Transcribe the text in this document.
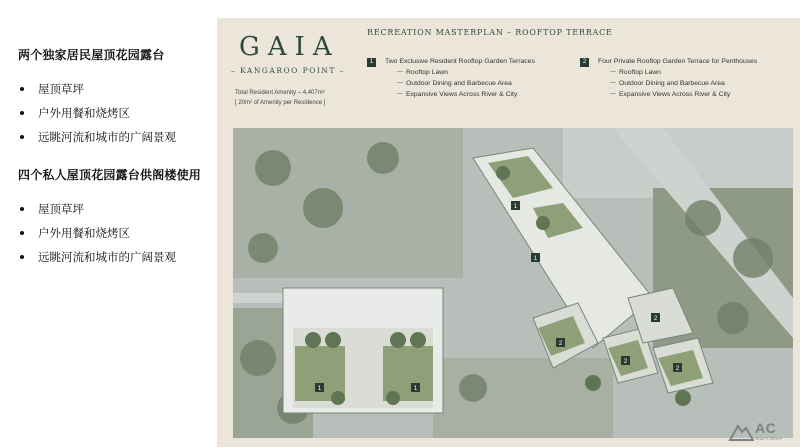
两个独家居民屋顶花园露台
屋顶草坪
户外用餐和烧烤区
远眺河流和城市的广阔景观
四个私人屋顶花园露台供阁楼使用
屋顶草坪
户外用餐和烧烤区
远眺河流和城市的广阔景观
GAIA
– KANGAROO POINT –
Total Resident Amenity – 4,407m²
[ 20m² of Amenity per Residence ]
RECREATION MASTERPLAN – ROOFTOP TERRACE
1	Two Exclusive Resident Rooftop Garden Terraces
— Rooftop Lawn
— Outdoor Dining and Barbecue Area
— Expansive Views Across River & City
2	Four Private Rooftop Garden Terrace for Penthouses
— Rooftop Lawn
— Outdoor Dining and Barbecue Area
— Expansive Views Across River & City
1
1	1
1
2
2
2
2
AC
REALTY GROUP
